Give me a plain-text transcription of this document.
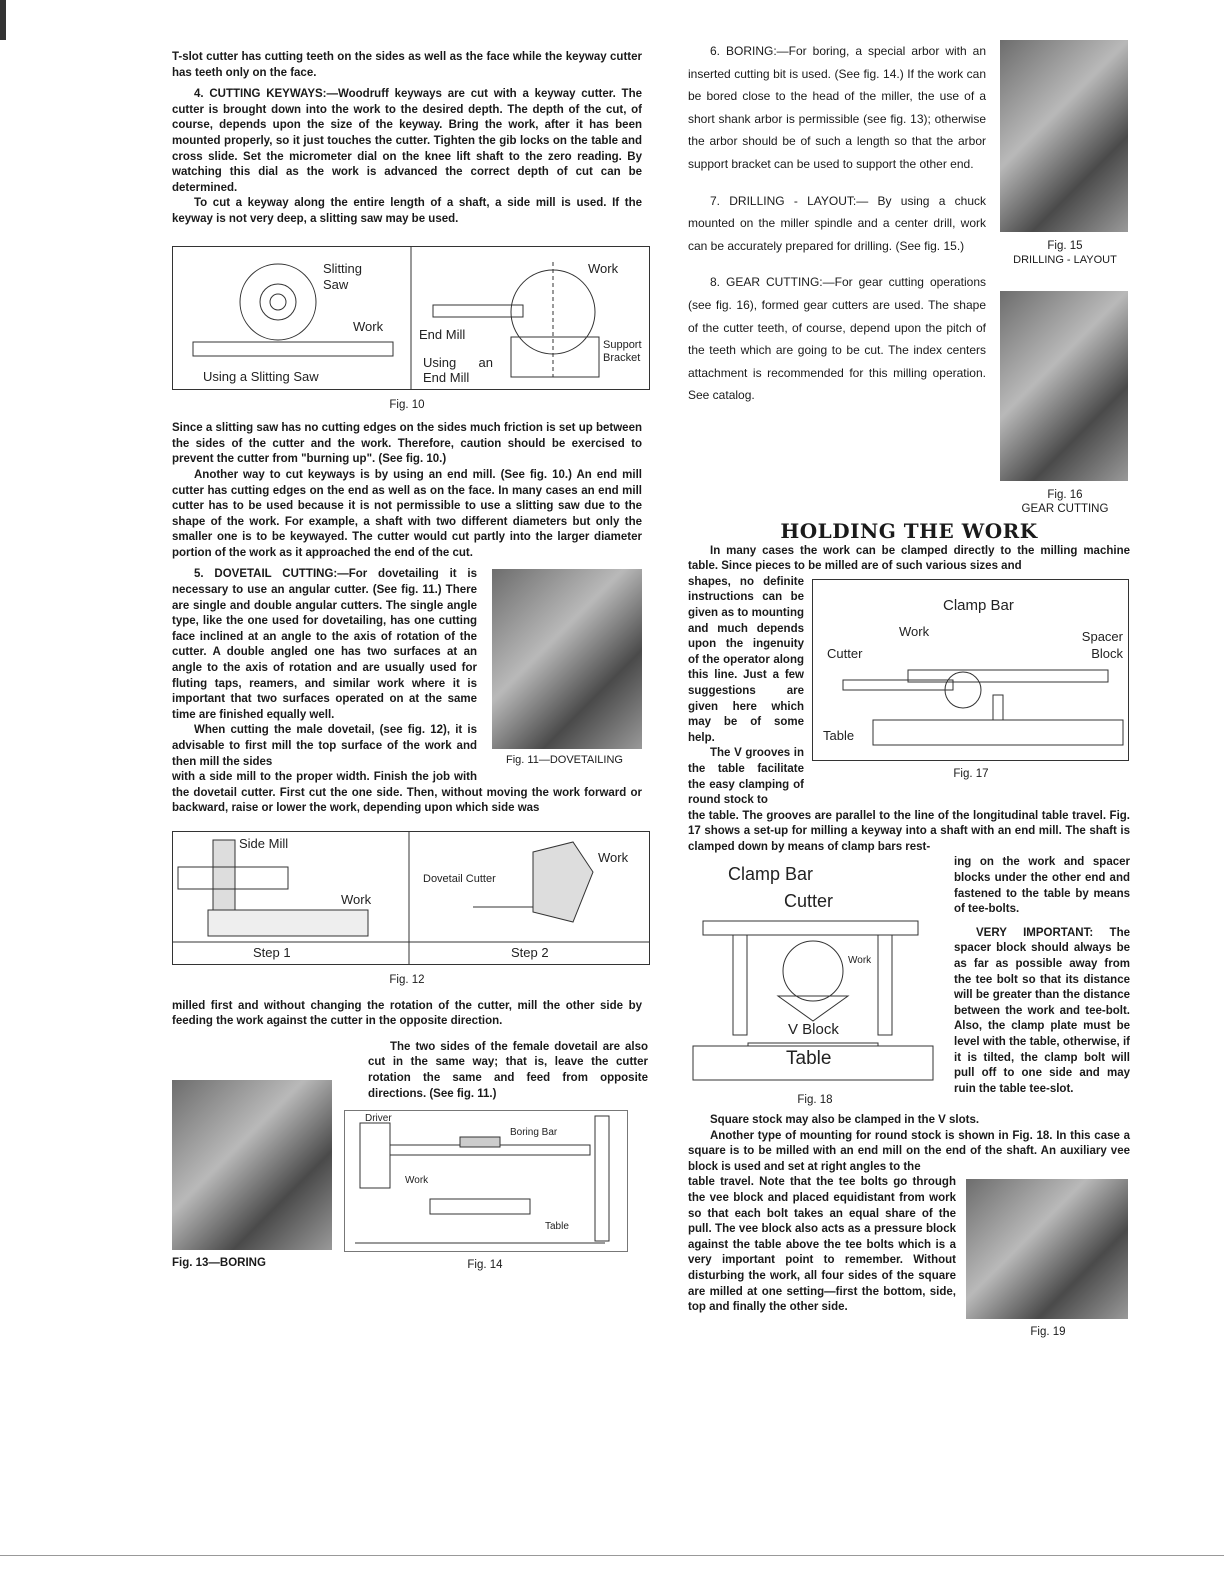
T-slot cutter has cutting teeth on the sides as well as the face while the keyway cutter has teeth only on the face.

4. CUTTING KEYWAYS:—Woodruff keyways are cut with a keyway cutter. The cutter is brought down into the work to the desired depth. The depth of the cut, of course, depends upon the size of the keyway. Bring the work, after it has been mounted properly, so it just touches the cutter. Tighten the gib locks on the table and cross slide. Set the micrometer dial on the knee lift shaft to the zero reading. By watching this dial as the work is advanced the correct depth of cut can be determined.

To cut a keyway along the entire length of a shaft, a side mill is used. If the keyway is not very deep, a slitting saw may be used.

Slitting Saw
Work
Using a Slitting Saw
Work
End Mill
Support Bracket
Using an End Mill
Fig. 10

Since a slitting saw has no cutting edges on the sides much friction is set up between the sides of the cutter and the work. Therefore, caution should be exercised to prevent the cutter from "burning up". (See fig. 10.)

Another way to cut keyways is by using an end mill. (See fig. 10.) An end mill cutter has cutting edges on the end as well as on the face. In many cases an end mill cutter has to be used because it is not permissible to use a slitting saw due to the shape of the work. For example, a shaft with two different diameters but only the smaller one is to be keywayed. The cutter would cut partly into the larger diameter portion of the work as it approached the end of the cut.

Fig. 11—DOVETAILING

5. DOVETAIL CUTTING:—For dovetailing it is necessary to use an angular cutter. (See fig. 11.) There are single and double angular cutters. The single angle type, like the one used for dovetailing, has one cutting face inclined at an angle to the axis of rotation of the cutter. A double angled one has two surfaces at an angle to the axis of rotation and are usually used for fluting taps, reamers, and similar work where it is important that two surfaces operated on at the same time are finished equally well.

When cutting the male dovetail, (see fig. 12), it is advisable to first mill the top surface of the work and then mill the sides

with a side mill to the proper width. Finish the job with the dovetail cutter. First cut the one side. Then, without moving the work forward or backward, raise or lower the work, depending upon which side was

Side Mill
Work
Step 1
Dovetail Cutter
Work
Step 2
Fig. 12

milled first and without changing the rotation of the cutter, mill the other side by feeding the work against the cutter in the opposite direction.

Fig. 13—BORING

The two sides of the female dovetail are also cut in the same way; that is, leave the cutter rotation the same and feed from opposite directions. (See fig. 11.)

Driver
Boring Bar
Work
Table
Fig. 14

6. BORING:—For boring, a special arbor with an inserted cutting bit is used. (See fig. 14.) If the work can be bored close to the head of the miller, the use of a short shank arbor is permissible (see fig. 13); otherwise the arbor should be of such a length so that the arbor support bracket can be used to support the other end.

7. DRILLING - LAYOUT:— By using a chuck mounted on the miller spindle and a center drill, work can be accurately prepared for drilling. (See fig. 15.)

8. GEAR CUTTING:—For gear cutting operations (see fig. 16), formed gear cutters are used. The shape of the cutter teeth, of course, depend upon the pitch of the teeth which are going to be cut. The index centers attachment is recommended for this milling operation. See catalog.

Fig. 15
DRILLING - LAYOUT
Fig. 16
GEAR CUTTING
HOLDING THE WORK

In many cases the work can be clamped directly to the milling machine table. Since pieces to be milled are of such various sizes and

Clamp Bar
Work	Spacer Block
Cutter
Table
Fig. 17

shapes, no definite instructions can be given as to mounting and much depends upon the ingenuity of the operator along this line. Just a few suggestions are given here which may be of some help.

The V grooves in the table facilitate the easy clamping of round stock to

the table. The grooves are parallel to the line of the longitudinal table travel. Fig. 17 shows a set-up for milling a keyway into a shaft with an end mill. The shaft is clamped down by means of clamp bars rest-

Clamp Bar
Cutter
Work
V Block
Table
Fig. 18

ing on the work and spacer blocks under the other end and fastened to the table by means of tee-bolts.

VERY IMPORTANT: The spacer block should always be as far as possible away from the tee bolt so that its distance will be greater than the distance between the work and tee-bolt. Also, the clamp plate must be level with the table, otherwise, if it is tilted, the clamp bolt will pull off to one side and may ruin the table tee-slot.

Square stock may also be clamped in the V slots.

Another type of mounting for round stock is shown in Fig. 18. In this case a square is to be milled with an end mill on the end of the shaft. An auxiliary vee block is used and set at right angles to the

Fig. 19

table travel. Note that the tee bolts go through the vee block and placed equidistant from work so that each bolt takes an equal share of the pull. The vee block also acts as a pressure block against the table above the tee bolts which is a very important point to remember. Without disturbing the work, all four sides of the square are milled at one setting—first the bottom, side, top and finally the other side.
